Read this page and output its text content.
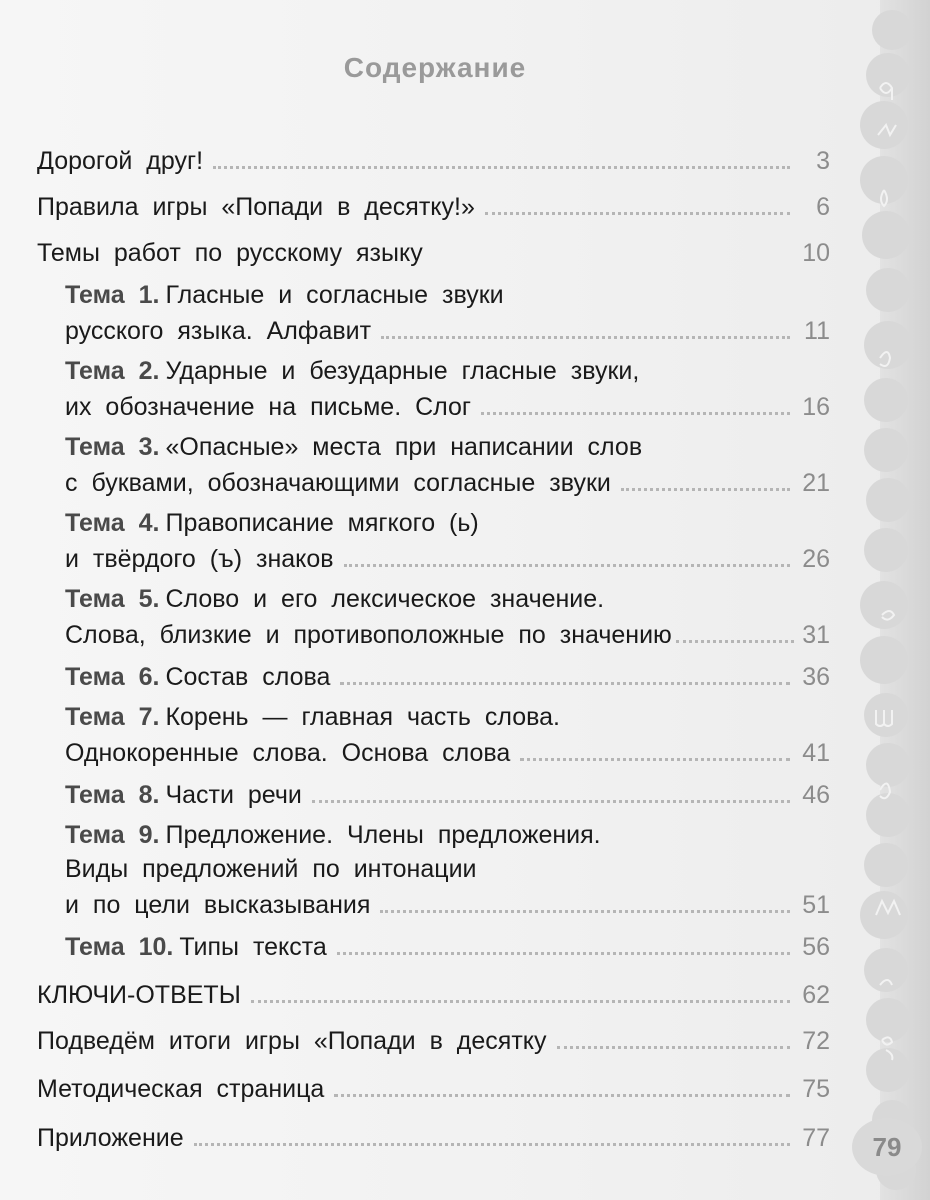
Содержание
Дорогой друг!	3
Правила игры «Попади в десятку!»	6
Темы работ по русскому языку	10
Тема 1. Гласные и согласные звуки
русского языка. Алфавит	11
Тема 2. Ударные и безударные гласные звуки,
их обозначение на письме. Слог	16
Тема 3. «Опасные» места при написании слов
с буквами, обозначающими согласные звуки	21
Тема 4. Правописание мягкого (ь)
и твёрдого (ъ) знаков	26
Тема 5. Слово и его лексическое значение.
Слова, близкие и противоположные по значению	31
Тема 6. Состав слова	36
Тема 7. Корень — главная часть слова.
Однокоренные слова. Основа слова	41
Тема 8. Части речи	46
Тема 9. Предложение. Члены предложения.
Виды предложений по интонации
и по цели высказывания	51
Тема 10. Типы текста	56
КЛЮЧИ-ОТВЕТЫ	62
Подведём итоги игры «Попади в десятку	72
Методическая страница	75
Приложение	77	79
